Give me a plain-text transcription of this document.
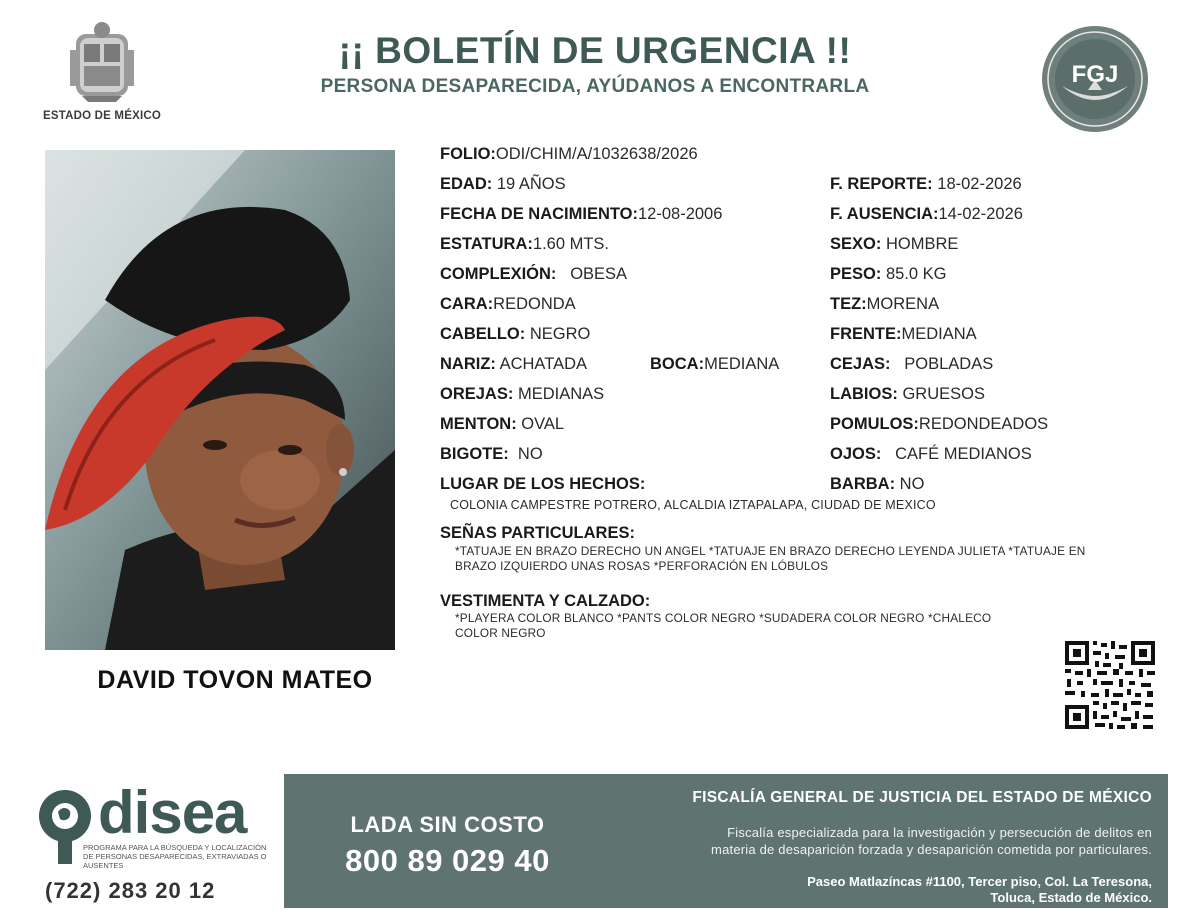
ESTADO DE MÉXICO
¡¡ BOLETÍN DE URGENCIA !!
PERSONA DESAPARECIDA, AYÚDANOS A ENCONTRARLA	FGJ
DAVID TOVON MATEO
FOLIO:ODI/CHIM/A/1032638/2026
EDAD: 19 AÑOS	F. REPORTE: 18-02-2026
FECHA DE NACIMIENTO:12-08-2006	F. AUSENCIA:14-02-2026
ESTATURA:1.60 MTS.	SEXO: HOMBRE
COMPLEXIÓN: OBESA	PESO: 85.0 KG
CARA:REDONDA	TEZ:MORENA
CABELLO: NEGRO	FRENTE:MEDIANA
NARIZ: ACHATADA	BOCA:MEDIANA	CEJAS: POBLADAS
OREJAS: MEDIANAS	LABIOS: GRUESOS
MENTON: OVAL	POMULOS:REDONDEADOS
BIGOTE: NO	OJOS: CAFÉ MEDIANOS
LUGAR DE LOS HECHOS:	BARBA: NO
COLONIA CAMPESTRE POTRERO, ALCALDIA IZTAPALAPA, CIUDAD DE MEXICO
SEÑAS PARTICULARES:
*TATUAJE EN BRAZO DERECHO UN ANGEL *TATUAJE EN BRAZO DERECHO LEYENDA JULIETA *TATUAJE EN
BRAZO IZQUIERDO UNAS ROSAS *PERFORACIÓN EN LÓBULOS
VESTIMENTA Y CALZADO:
*PLAYERA COLOR BLANCO *PANTS COLOR NEGRO *SUDADERA COLOR NEGRO *CHALECO
COLOR NEGRO
disea
PROGRAMA PARA LA BÚSQUEDA Y LOCALIZACIÓN DE PERSONAS DESAPARECIDAS, EXTRAVIADAS O AUSENTES
(722) 283 20 12
LADA SIN COSTO
800 89 029 40
FISCALÍA GENERAL DE JUSTICIA DEL ESTADO DE MÉXICO
Fiscalía especializada para la investigación y persecución de delitos en
materia de desaparición forzada y desaparición cometida por particulares.
Paseo Matlazíncas #1100, Tercer piso, Col. La Teresona,
Toluca, Estado de México.
